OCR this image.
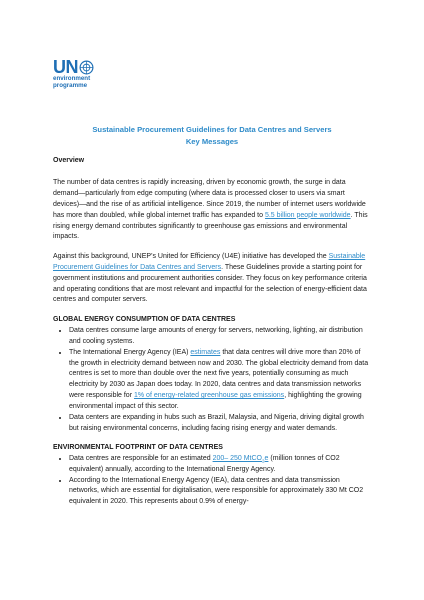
UN
environment
programme
Sustainable Procurement Guidelines for Data Centres and Servers
Key Messages

Overview

The number of data centres is rapidly increasing, driven by economic growth, the surge in data demand—particularly from edge computing (where data is processed closer to users via smart devices)—and the rise of as artificial intelligence. Since 2019, the number of internet users worldwide has more than doubled, while global internet traffic has expanded to 5.5 billion people worldwide. This rising energy demand contributes significantly to greenhouse gas emissions and environmental impacts.

Against this background, UNEP’s United for Efficiency (U4E) initiative has developed the Sustainable Procurement Guidelines for Data Centres and Servers. These Guidelines provide a starting point for government institutions and procurement authorities consider. They focus on key performance criteria and operating conditions that are most relevant and impactful for the selection of energy-efficient data centres and computer servers.

GLOBAL ENERGY CONSUMPTION OF DATA CENTRES
• Data centres consume large amounts of energy for servers, networking, lighting, air distribution and cooling systems.
• The International Energy Agency (IEA) estimates that data centres will drive more than 20% of the growth in electricity demand between now and 2030. The global electricity demand from data centres is set to more than double over the next five years, potentially consuming as much electricity by 2030 as Japan does today. In 2020, data centres and data transmission networks were responsible for 1% of energy-related greenhouse gas emissions, highlighting the growing environmental impact of this sector.
• Data centers are expanding in hubs such as Brazil, Malaysia, and Nigeria, driving digital growth but raising environmental concerns, including facing rising energy and water demands.
ENVIRONMENTAL FOOTPRINT OF DATA CENTRES
• Data centres are responsible for an estimated 200– 250 MtCO$_2$e (million tonnes of CO2 equivalent) annually, according to the International Energy Agency.
• According to the International Energy Agency (IEA), data centres and data transmission networks, which are essential for digitalisation, were responsible for approximately 330 Mt CO2 equivalent in 2020. This represents about 0.9% of energy-
